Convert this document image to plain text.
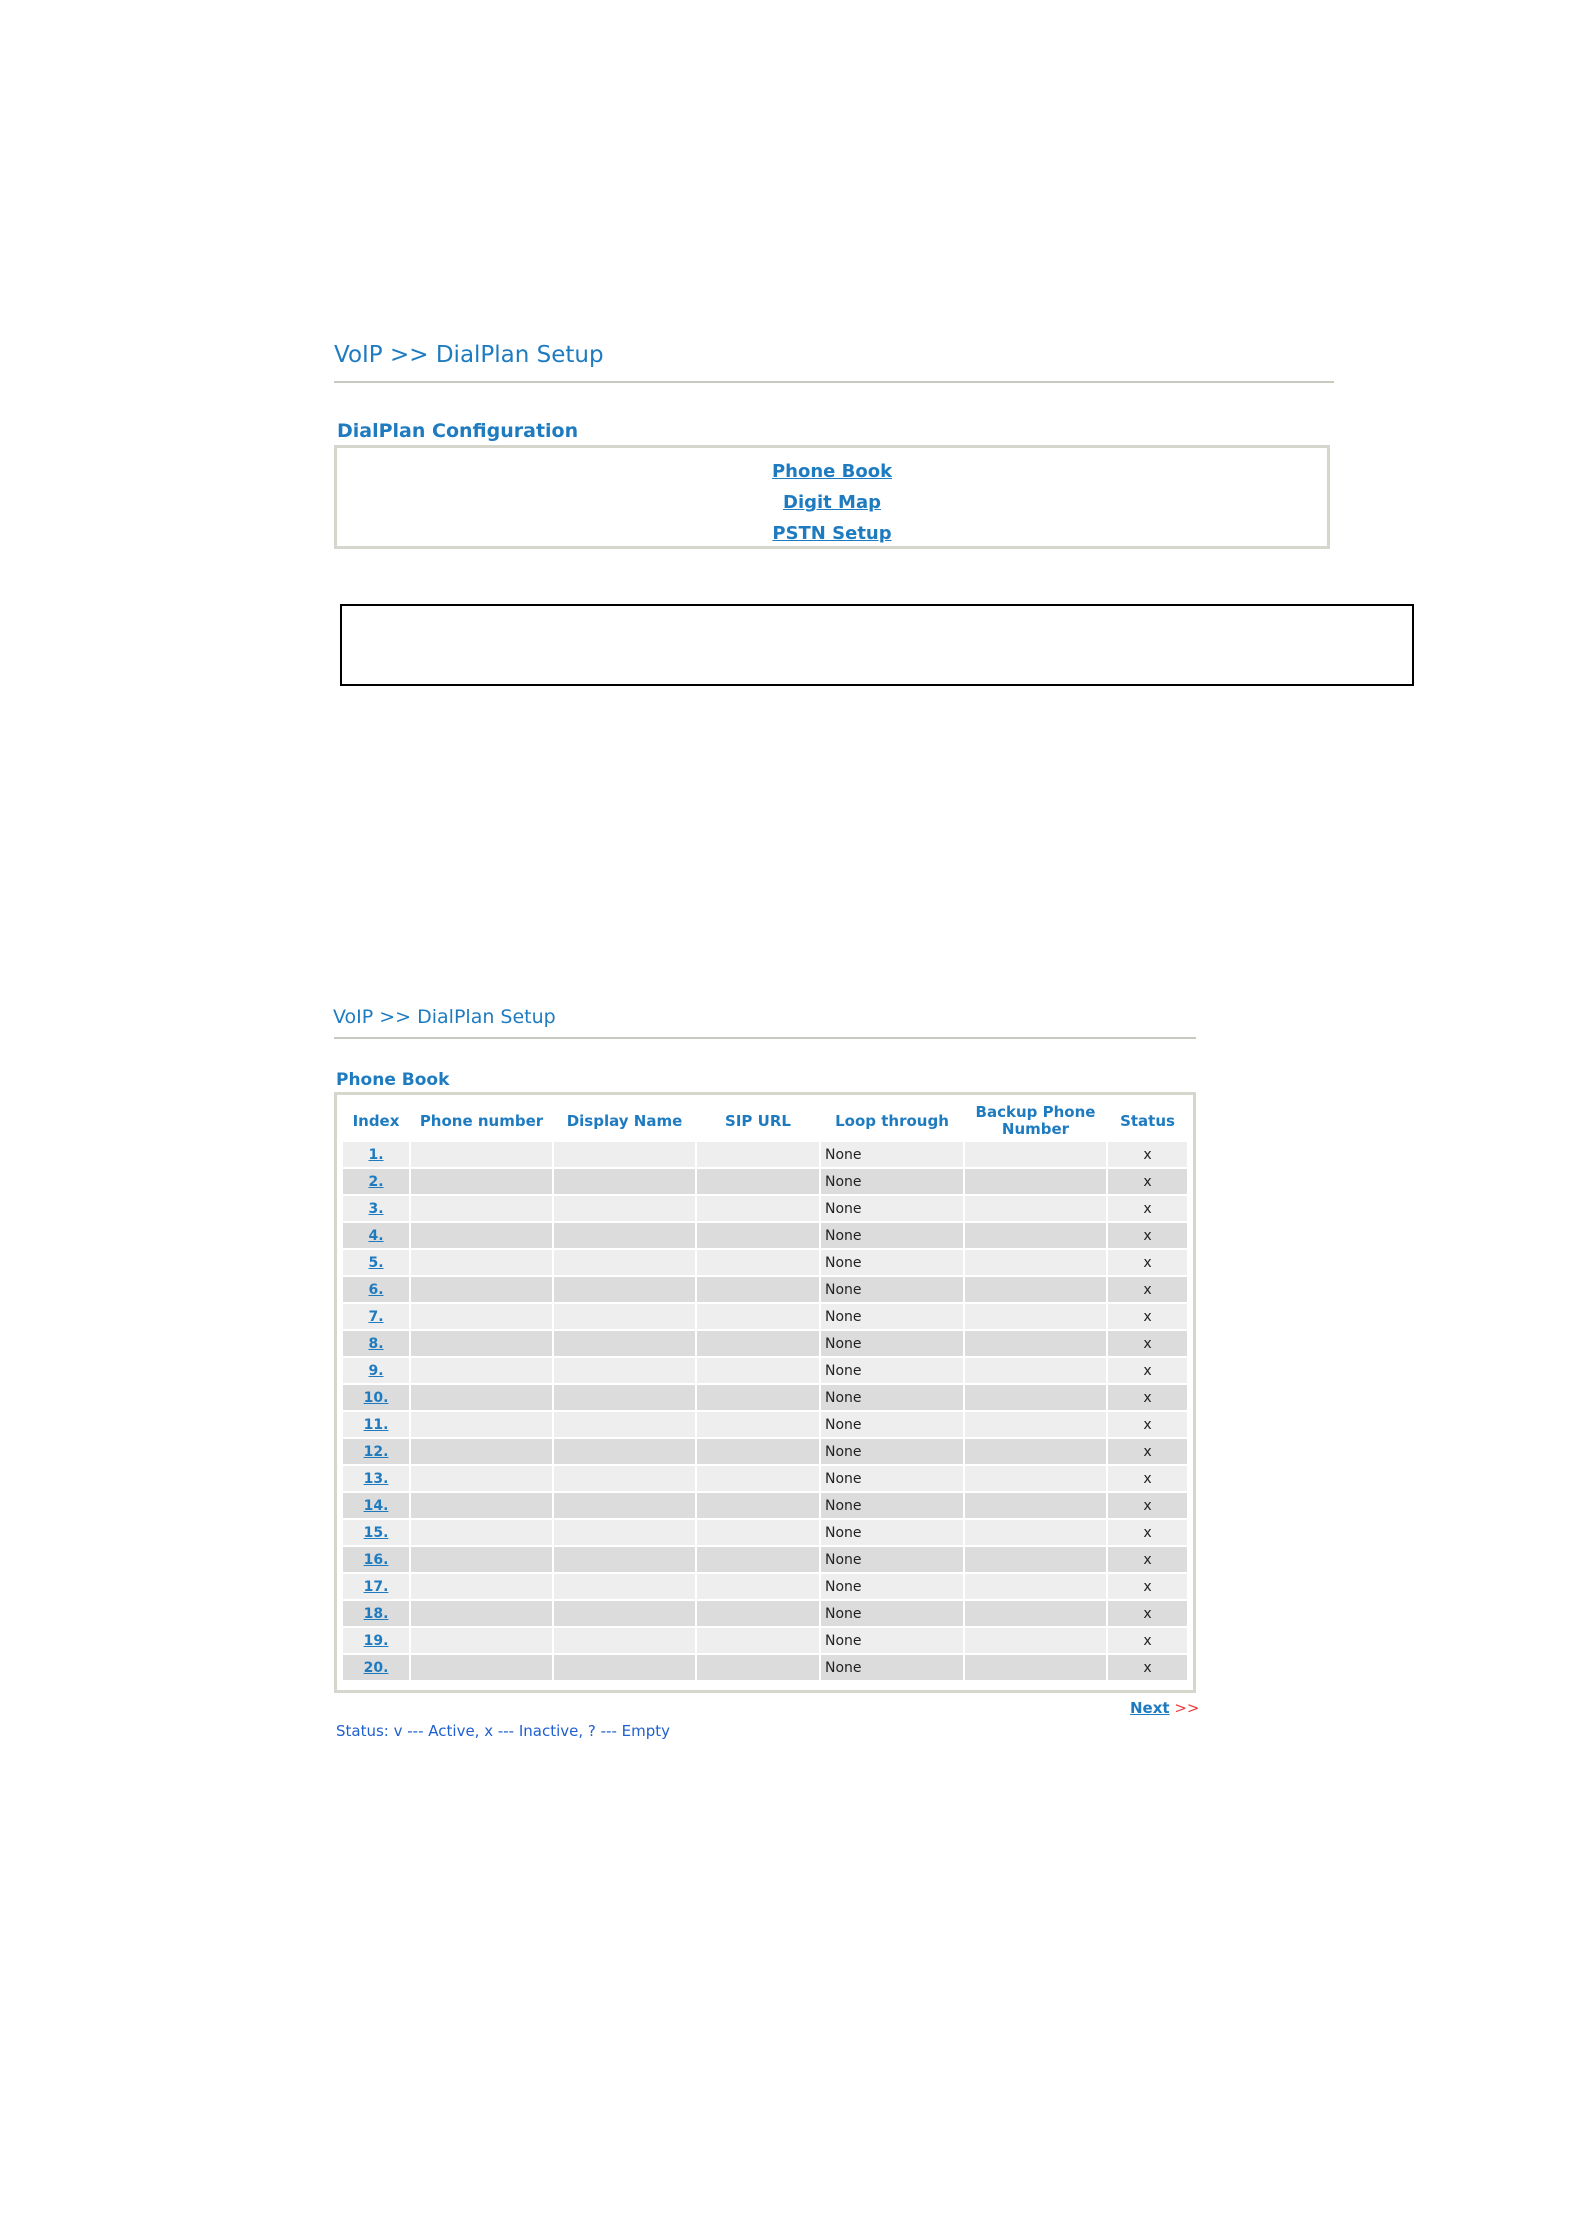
VoIP >> DialPlan Setup
DialPlan Configuration
Phone Book
Digit Map
PSTN Setup
VoIP >> DialPlan Setup
Phone Book
Index	Phone number	Display Name	SIP URL	Loop through	Backup Phone Number	Status
1.				None		x
2.				None		x
3.				None		x
4.				None		x
5.				None		x
6.				None		x
7.				None		x
8.				None		x
9.				None		x
10.				None		x
11.				None		x
12.				None		x
13.				None		x
14.				None		x
15.				None		x
16.				None		x
17.				None		x
18.				None		x
19.				None		x
20.				None		x
Next >>
Status: v --- Active, x --- Inactive, ? --- Empty
